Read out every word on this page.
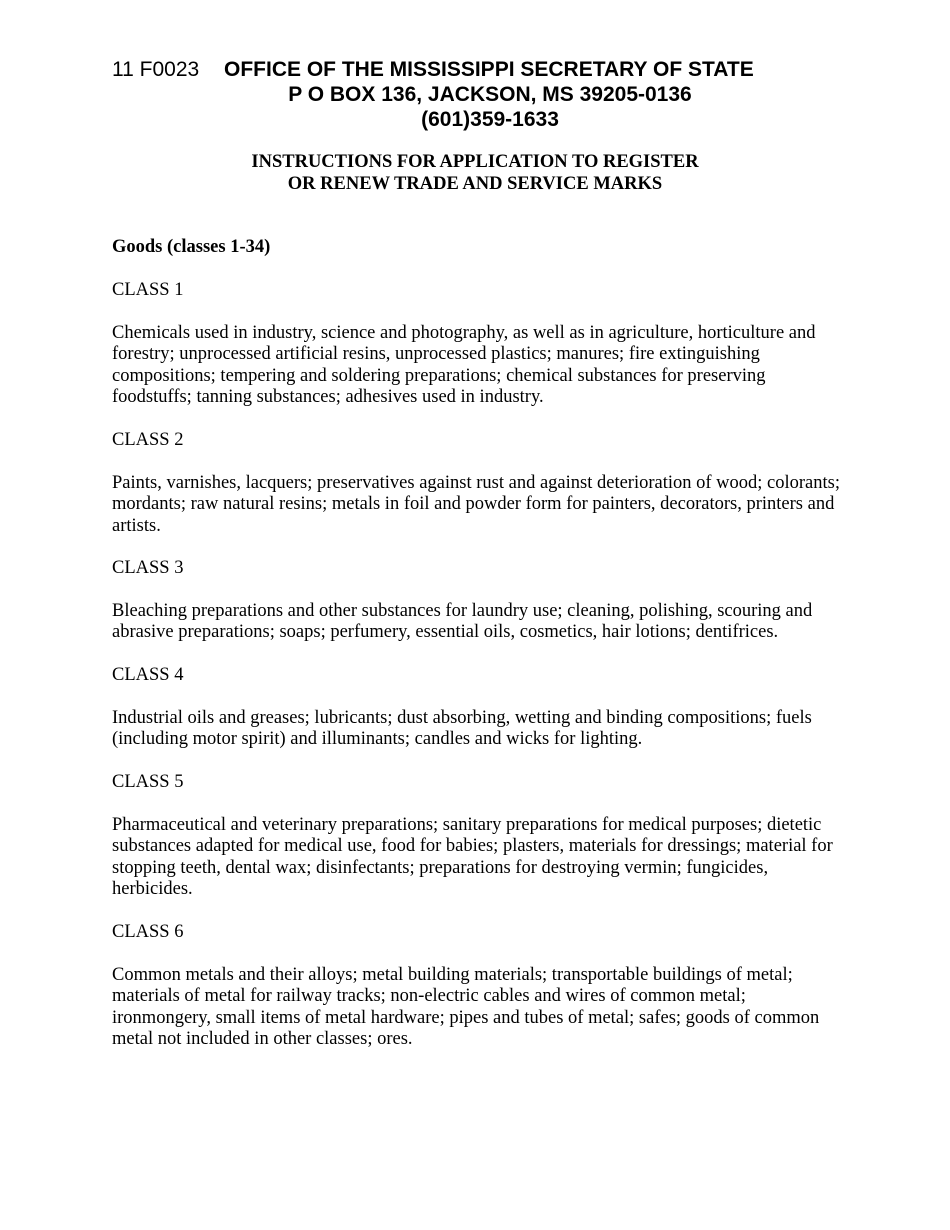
11 F0023 OFFICE OF THE MISSISSIPPI SECRETARY OF STATE
P O BOX 136, JACKSON, MS 39205-0136
(601)359-1633
INSTRUCTIONS FOR APPLICATION TO REGISTER
OR RENEW TRADE AND SERVICE MARKS
Goods (classes 1-34)
CLASS 1
Chemicals used in industry, science and photography, as well as in agriculture, horticulture and forestry; unprocessed artificial resins, unprocessed plastics; manures; fire extinguishing compositions; tempering and soldering preparations; chemical substances for preserving foodstuffs; tanning substances; adhesives used in industry.
CLASS 2
Paints, varnishes, lacquers; preservatives against rust and against deterioration of wood; colorants; mordants; raw natural resins; metals in foil and powder form for painters, decorators, printers and artists.
CLASS 3
Bleaching preparations and other substances for laundry use; cleaning, polishing, scouring and abrasive preparations; soaps; perfumery, essential oils, cosmetics, hair lotions; dentifrices.
CLASS 4
Industrial oils and greases; lubricants; dust absorbing, wetting and binding compositions; fuels (including motor spirit) and illuminants; candles and wicks for lighting.
CLASS 5
Pharmaceutical and veterinary preparations; sanitary preparations for medical purposes; dietetic substances adapted for medical use, food for babies; plasters, materials for dressings; material for stopping teeth, dental wax; disinfectants; preparations for destroying vermin; fungicides, herbicides.
CLASS 6
Common metals and their alloys; metal building materials; transportable buildings of metal; materials of metal for railway tracks; non-electric cables and wires of common metal; ironmongery, small items of metal hardware; pipes and tubes of metal; safes; goods of common metal not included in other classes; ores.
